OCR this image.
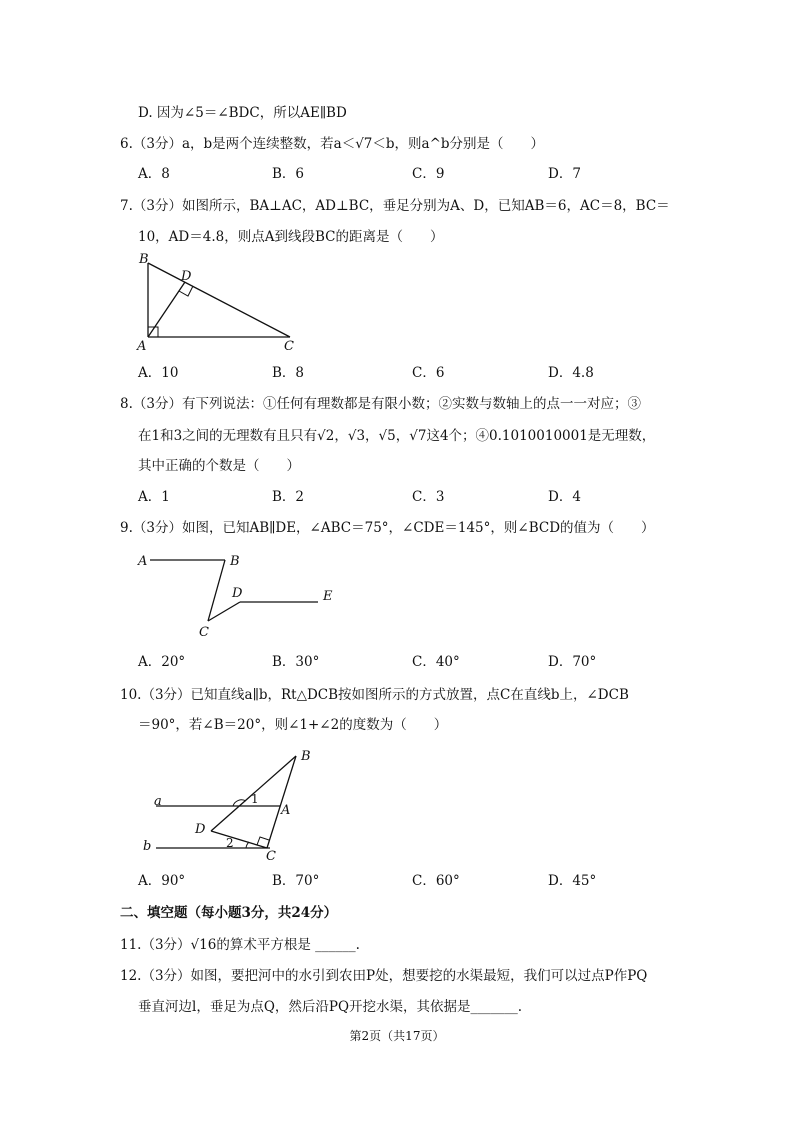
D. 因为∠5＝∠BDC，所以AE∥BD
6.（3分）a，b是两个连续整数，若a＜√7＜b，则a^b分别是（　　）
A．8	B．6	C．9	D．7
7.（3分）如图所示，BA⊥AC，AD⊥BC，垂足分别为A、D，已知AB＝6，AC＝8，BC＝
10，AD＝4.8，则点A到线段BC的距离是（　　）
B
D
A	C
A．10	B．8	C．6	D．4.8
8.（3分）有下列说法：①任何有理数都是有限小数；②实数与数轴上的点一一对应；③
在1和3之间的无理数有且只有√2，√3，√5，√7这4个；④0.1010010001是无理数，
其中正确的个数是（　　）
A．1	B．2	C．3	D．4
9.（3分）如图，已知AB∥DE，∠ABC＝75°，∠CDE＝145°，则∠BCD的值为（　　）
A	B
D	E
C
A．20°	B．30°	C．40°	D．70°
10.（3分）已知直线a∥b，Rt△DCB按如图所示的方式放置，点C在直线b上，∠DCB
＝90°，若∠B＝20°，则∠1+∠2的度数为（　　）
a
b
B
A
D
C
1
2
A．90°	B．70°	C．60°	D．45°
二、填空题（每小题3分，共24分）
11.（3分）√16的算术平方根是 ______.
12.（3分）如图，要把河中的水引到农田P处，想要挖的水渠最短，我们可以过点P作PQ
垂直河边l，垂足为点Q，然后沿PQ开挖水渠，其依据是_______.
第2页（共17页）
